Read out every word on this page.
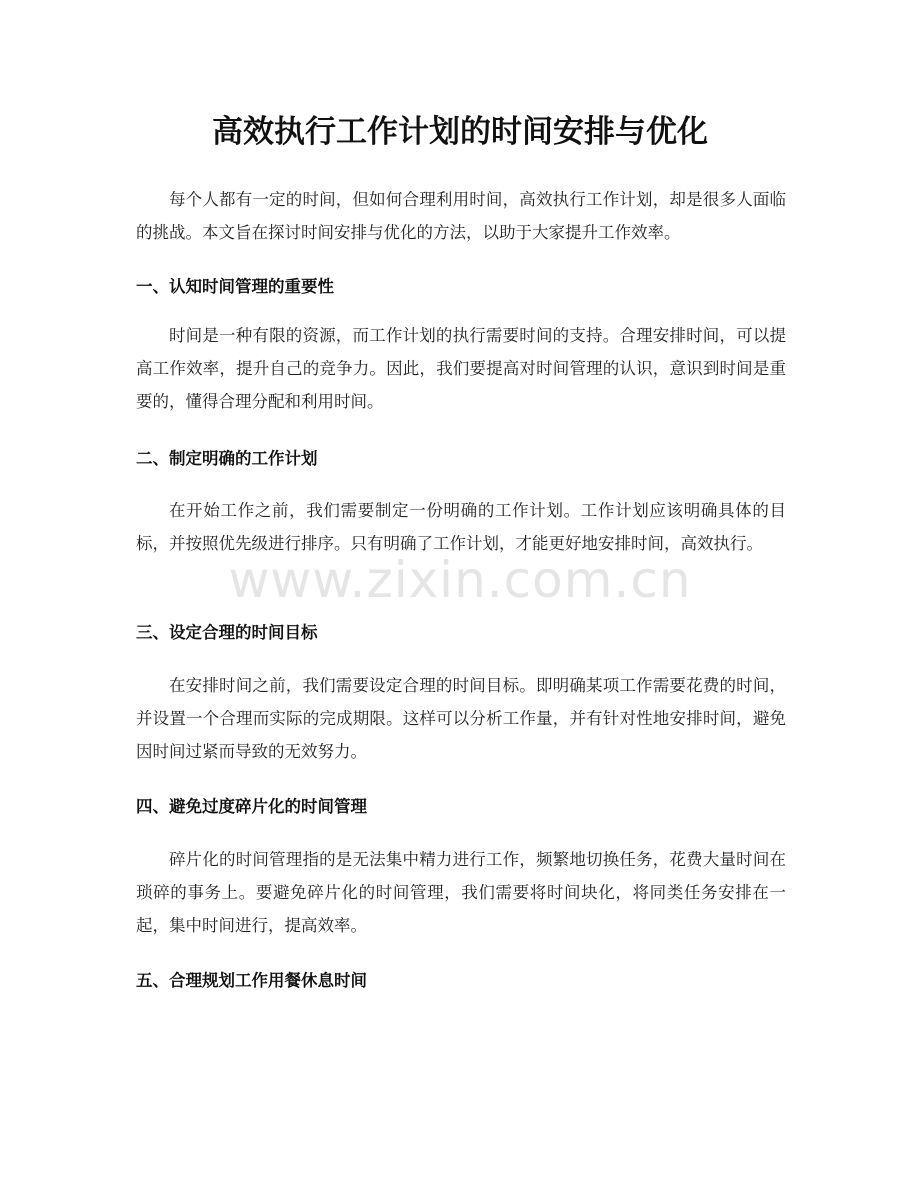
高效执行工作计划的时间安排与优化

每个人都有一定的时间，但如何合理利用时间，高效执行工作计划，却是很多人面临的挑战。本文旨在探讨时间安排与优化的方法，以助于大家提升工作效率。

一、认知时间管理的重要性

时间是一种有限的资源，而工作计划的执行需要时间的支持。合理安排时间，可以提高工作效率，提升自己的竞争力。因此，我们要提高对时间管理的认识，意识到时间是重要的，懂得合理分配和利用时间。

二、制定明确的工作计划

在开始工作之前，我们需要制定一份明确的工作计划。工作计划应该明确具体的目标，并按照优先级进行排序。只有明确了工作计划，才能更好地安排时间，高效执行。

三、设定合理的时间目标

在安排时间之前，我们需要设定合理的时间目标。即明确某项工作需要花费的时间，并设置一个合理而实际的完成期限。这样可以分析工作量，并有针对性地安排时间，避免因时间过紧而导致的无效努力。

四、避免过度碎片化的时间管理

碎片化的时间管理指的是无法集中精力进行工作，频繁地切换任务，花费大量时间在琐碎的事务上。要避免碎片化的时间管理，我们需要将时间块化，将同类任务安排在一起，集中时间进行，提高效率。

五、合理规划工作用餐休息时间
www.zixin.com.cn
